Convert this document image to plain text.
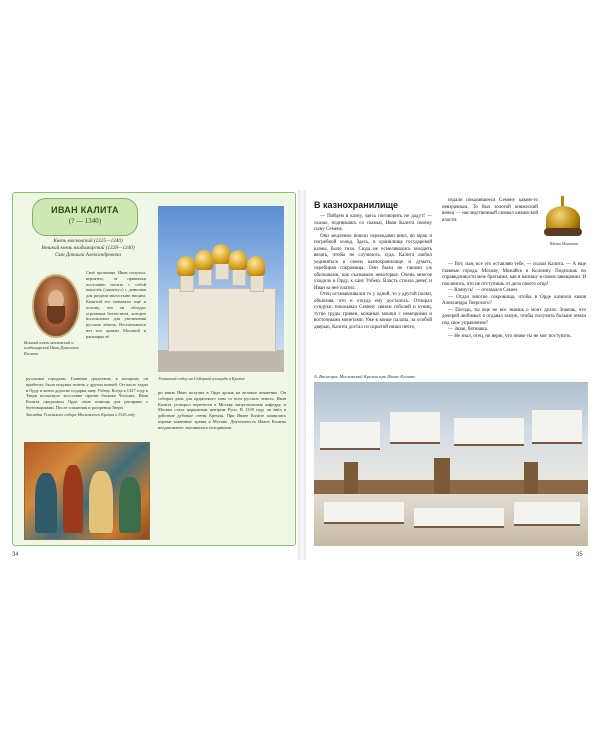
ИВАН КАЛИТА
(? — 1340)
Князь московский (1325—1340)
Великий князь владимирский (1328—1340)
Сын Даниила Александровича
Великий князь московский и владимирский Иван Данилович Калита

Своё прозвище, Иван получил, вероятно, от привычки постоянно носить с собой кошелёк («калиту») с деньгами для раздачи милостыни нищим. Калитой его называли ещё и потому, что он обладал огромным богатством, которое использовал для увеличения русских земель. Воспитывался нет кто правил Москвой и расширял её.

русскими городами. Главным средством, к которому он прибегал, была покупка земель у других князей. Он часто ездил в Орду и возил дорогие подарки хану Узбеку. Когда в 1327 году в Твери вспыхнуло восстание против баскака Чолхана, Иван Калита предложил Орде свою помощь для расправы с бунтовщиками. После сожжения и разорения Твери

Закладка Успенского собора Московского Кремля в 1326 году
Успенский собор на Соборной площади в Кремле

ри князь Иван получил в Орде ярлык на великое княжение. Он собирал дань для ордынского хана со всех русских земель. Иван Калита уговорил перенести в Москву митрополичью кафедру, и Москва стала церковным центром Руси. В 1339 году он ввёл в действие дубовые стены Кремля. При Иване Калите появились первые каменные храмы в Москве. Деятельность Ивана Калиты неоднозначно оценивалась историками.

34
В казнохранилище

— Пойдем в казну, здесь поговорить не дадут! — сказал, поднимаясь со скамьи, Иван Калита своему сыну Семену.

Они медленно пошли переходами вниз, во мрак и погребной холод. Здесь, в хранилище государевой казны, было тихо. Сюда не осмеливались заходить вязать, чтобы не случилось худа. Калита любил уединяться в своем казнохранилище и думать, перебирая сокровища. Они были не такими уж обильными, как сказывали некоторые. Очень многое уходило в Орду, к хану Узбеку. Власть стоила денег, и Иван за нее платил.

Отец останавливался то у одной, то у другой полки, объясняя, что и откуда ему досталось. Отпирал сундуки, показывал Семену связки соболей и куниц, тугие груды гривен, кожаные мешки с немецкими и восточными монетами. Уже в конце палаты, за особой дверью, Калита достал из скрытой ниши нечто,

издали показавшееся Семену каким-то невзрачным. То был золотой княжеский венец — наследственный символ княжеской власти.

Шапка Мономаха

— Вот, сын, все это оставляю тебе, — сказал Калита. — А еще главные города: Москву, Можайск и Коломну. Поделишь по справедливости меж братьями, как я напишу в своем завещании. И поклянись, что не отступишь от дела своего отца!

— Клянусь! — отозвался Семен.

— Отдал многие сокровища, чтобы в Орде казнили князя Александра Тверского?

— Погодь, ты еще не все знаешь о моих делах. Знаешь, что дочерей любимых я отдавал замуж, чтобы получить больше земли под свое управление?

— Знаю, батюшка.

— Не знал, отец, но верю, что иначе ты не мог поступить.

А. Васнецов. Московский Кремль при Иване Калите
35
